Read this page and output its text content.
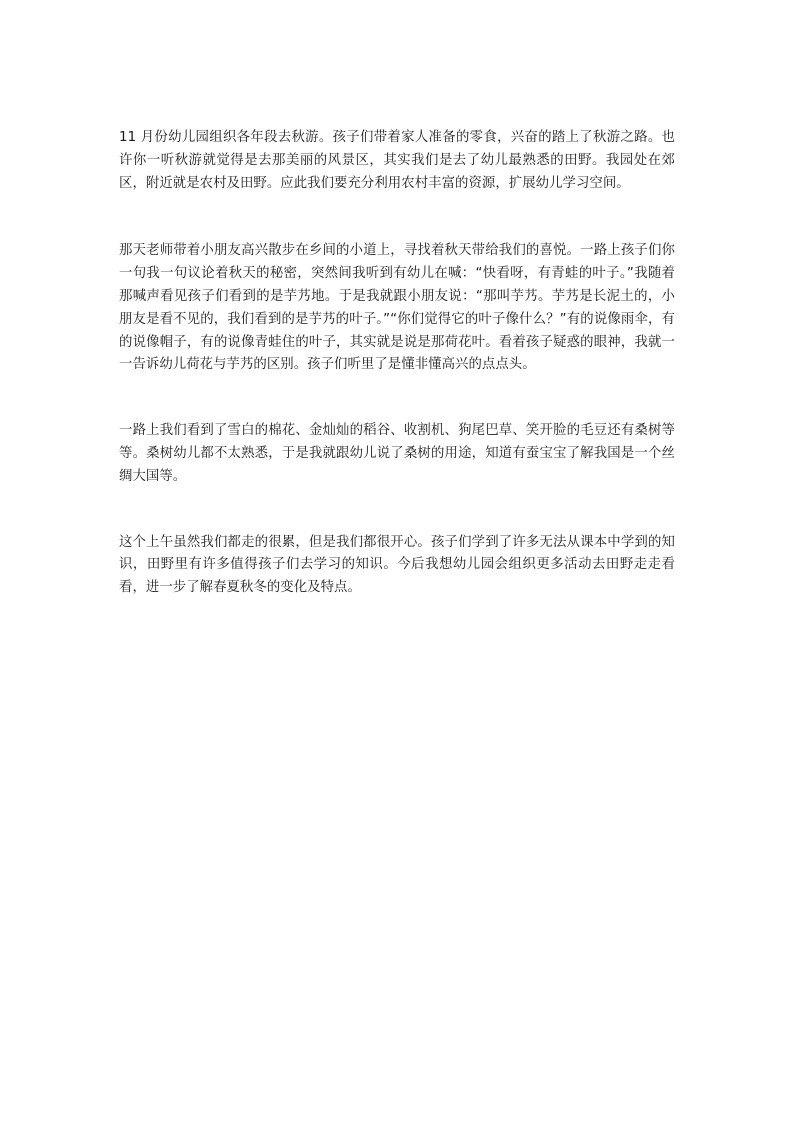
11 月份幼儿园组织各年段去秋游。孩子们带着家人准备的零食，兴奋的踏上了秋游之路。也许你一听秋游就觉得是去那美丽的风景区，其实我们是去了幼儿最熟悉的田野。我园处在郊区，附近就是农村及田野。应此我们要充分利用农村丰富的资源，扩展幼儿学习空间。

那天老师带着小朋友高兴散步在乡间的小道上，寻找着秋天带给我们的喜悦。一路上孩子们你一句我一句议论着秋天的秘密，突然间我听到有幼儿在喊：“快看呀，有青蛙的叶子。”我随着那喊声看见孩子们看到的是芋艿地。于是我就跟小朋友说：“那叫芋艿。芋艿是长泥土的，小朋友是看不见的，我们看到的是芋艿的叶子。”“你们觉得它的叶子像什么？”有的说像雨伞，有的说像帽子，有的说像青蛙住的叶子，其实就是说是那荷花叶。看着孩子疑惑的眼神，我就一一告诉幼儿荷花与芋艿的区别。孩子们听里了是懂非懂高兴的点点头。

一路上我们看到了雪白的棉花、金灿灿的稻谷、收割机、狗尾巴草、笑开脸的毛豆还有桑树等等。桑树幼儿都不太熟悉，于是我就跟幼儿说了桑树的用途，知道有蚕宝宝了解我国是一个丝绸大国等。

这个上午虽然我们都走的很累，但是我们都很开心。孩子们学到了许多无法从课本中学到的知识，田野里有许多值得孩子们去学习的知识。今后我想幼儿园会组织更多活动去田野走走看看，进一步了解春夏秋冬的变化及特点。
